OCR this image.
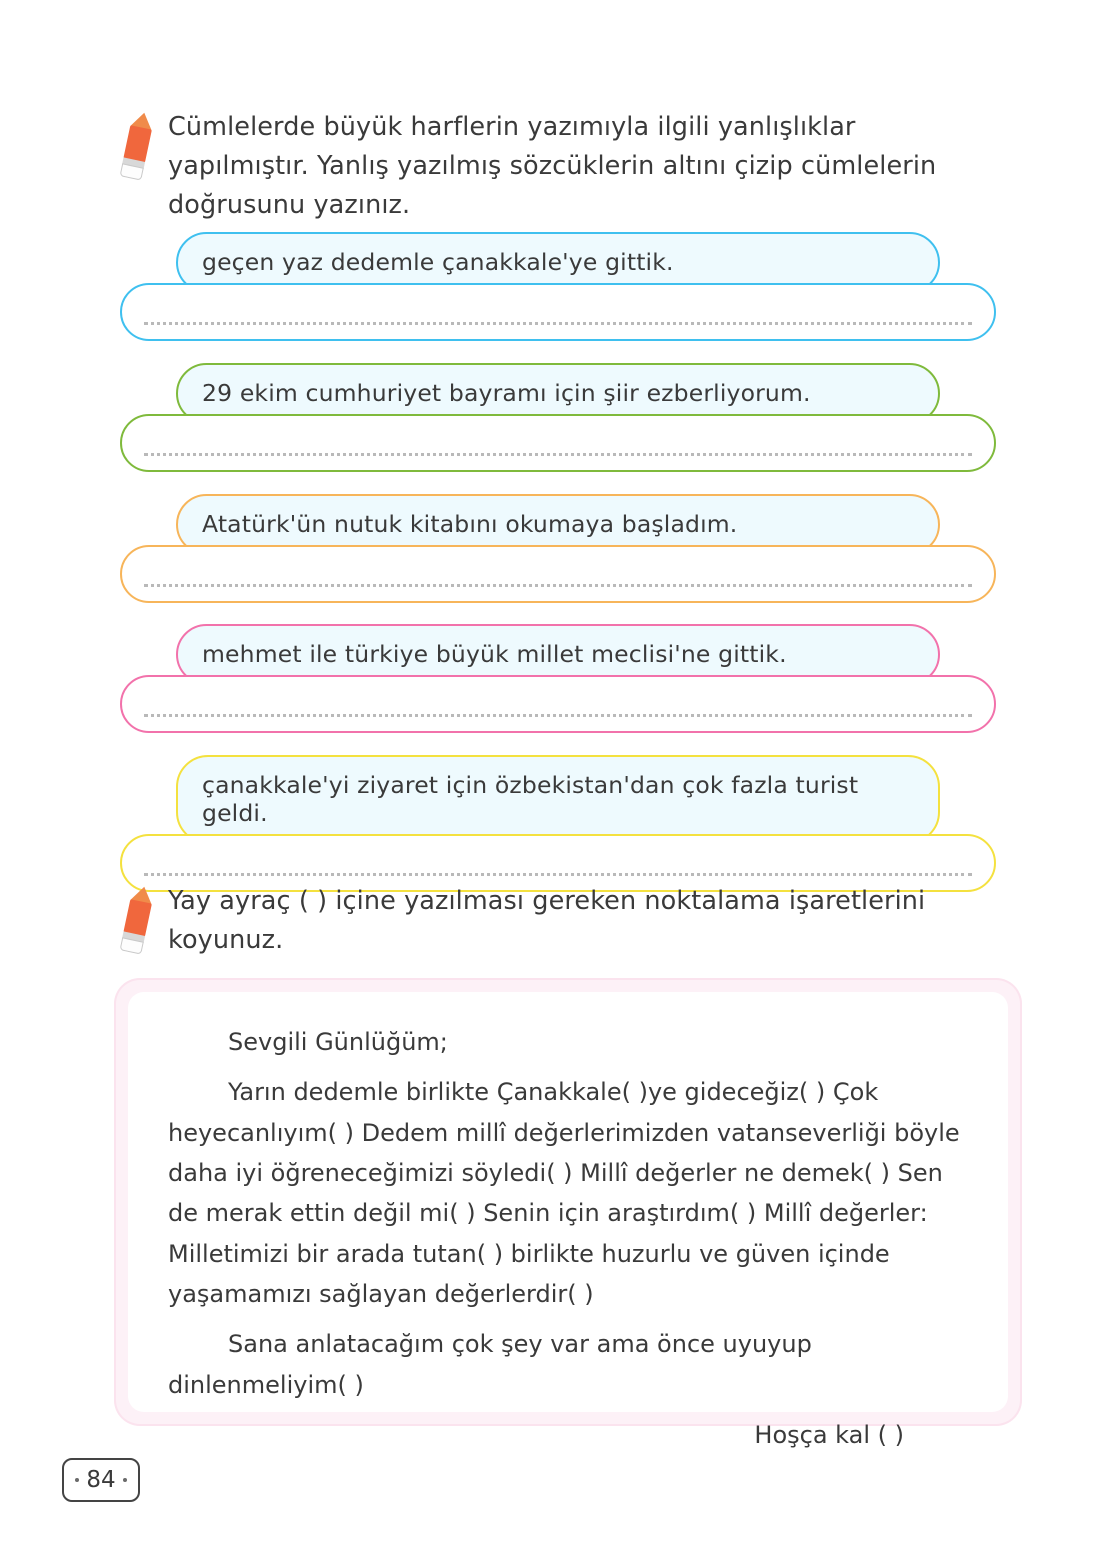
Cümlelerde büyük harflerin yazımıyla ilgili yanlışlıklar yapılmıştır. Yanlış yazılmış sözcüklerin altını çizip cümlelerin doğrusunu yazınız.
geçen yaz dedemle çanakkale'ye gittik.
29 ekim cumhuriyet bayramı için şiir ezberliyorum.
Atatürk'ün nutuk kitabını okumaya başladım.
mehmet ile türkiye büyük millet meclisi'ne gittik.
çanakkale'yi ziyaret için özbekistan'dan çok fazla turist geldi.
Yay ayraç ( ) içine yazılması gereken noktalama işaretlerini koyunuz.

Sevgili Günlüğüm;

Yarın dedemle birlikte Çanakkale( )ye gideceğiz( ) Çok heyecanlıyım( ) Dedem millî değerlerimizden vatanseverliği böyle daha iyi öğreneceğimizi söyledi( ) Millî değerler ne demek( ) Sen de merak ettin değil mi( ) Senin için araştırdım( ) Millî değerler: Milletimizi bir arada tutan( ) birlikte huzurlu ve güven içinde yaşamamızı sağlayan değerlerdir( )

Sana anlatacağım çok şey var ama önce uyuyup dinlenmeliyim( )

Hoşça kal ( )

84
